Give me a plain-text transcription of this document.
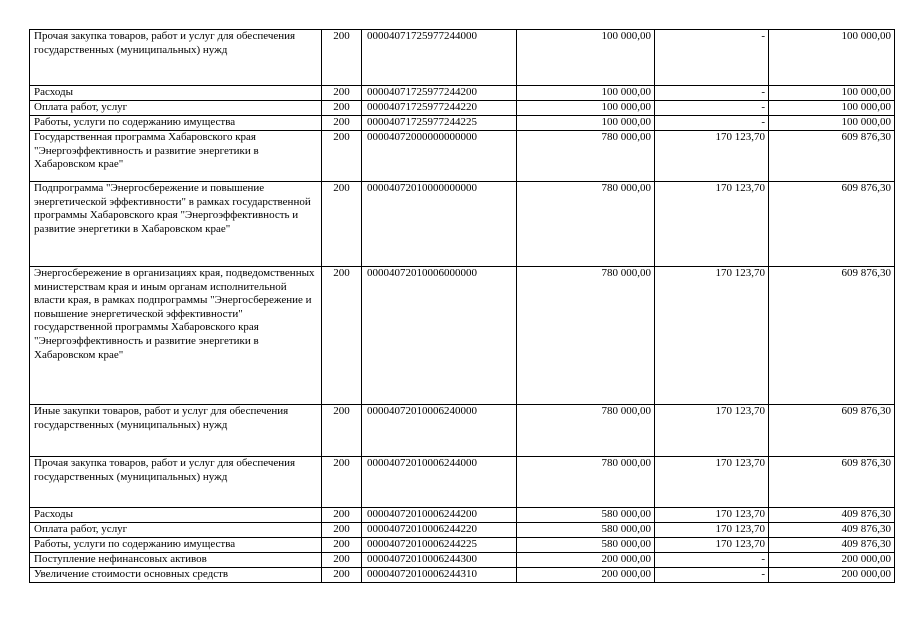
Прочая закупка товаров, работ и услуг для обеспечения государственных (муниципальных) нужд	200	00004071725977244000	100 000,00	-	100 000,00
Расходы	200	00004071725977244200	100 000,00	-	100 000,00
Оплата работ, услуг	200	00004071725977244220	100 000,00	-	100 000,00
Работы, услуги по содержанию имущества	200	00004071725977244225	100 000,00	-	100 000,00
Государственная программа Хабаровского края "Энергоэффективность и развитие энергетики в Хабаровском крае"	200	00004072000000000000	780 000,00	170 123,70	609 876,30
Подпрограмма "Энергосбережение и повышение энергетической эффективности" в рамках государственной программы Хабаровского края "Энергоэффективность и развитие энергетики в Хабаровском крае"	200	00004072010000000000	780 000,00	170 123,70	609 876,30
Энергосбережение в организациях края, подведомственных министерствам края и иным органам исполнительной власти края, в рамках подпрограммы "Энергосбережение и повышение энергетической эффективности" государственной программы Хабаровского края "Энергоэффективность и развитие энергетики в Хабаровском крае"	200	00004072010006000000	780 000,00	170 123,70	609 876,30
Иные закупки товаров, работ и услуг для обеспечения государственных (муниципальных) нужд	200	00004072010006240000	780 000,00	170 123,70	609 876,30
Прочая закупка товаров, работ и услуг для обеспечения государственных (муниципальных) нужд	200	00004072010006244000	780 000,00	170 123,70	609 876,30
Расходы	200	00004072010006244200	580 000,00	170 123,70	409 876,30
Оплата работ, услуг	200	00004072010006244220	580 000,00	170 123,70	409 876,30
Работы, услуги по содержанию имущества	200	00004072010006244225	580 000,00	170 123,70	409 876,30
Поступление нефинансовых активов	200	00004072010006244300	200 000,00	-	200 000,00
Увеличение стоимости основных средств	200	00004072010006244310	200 000,00	-	200 000,00
